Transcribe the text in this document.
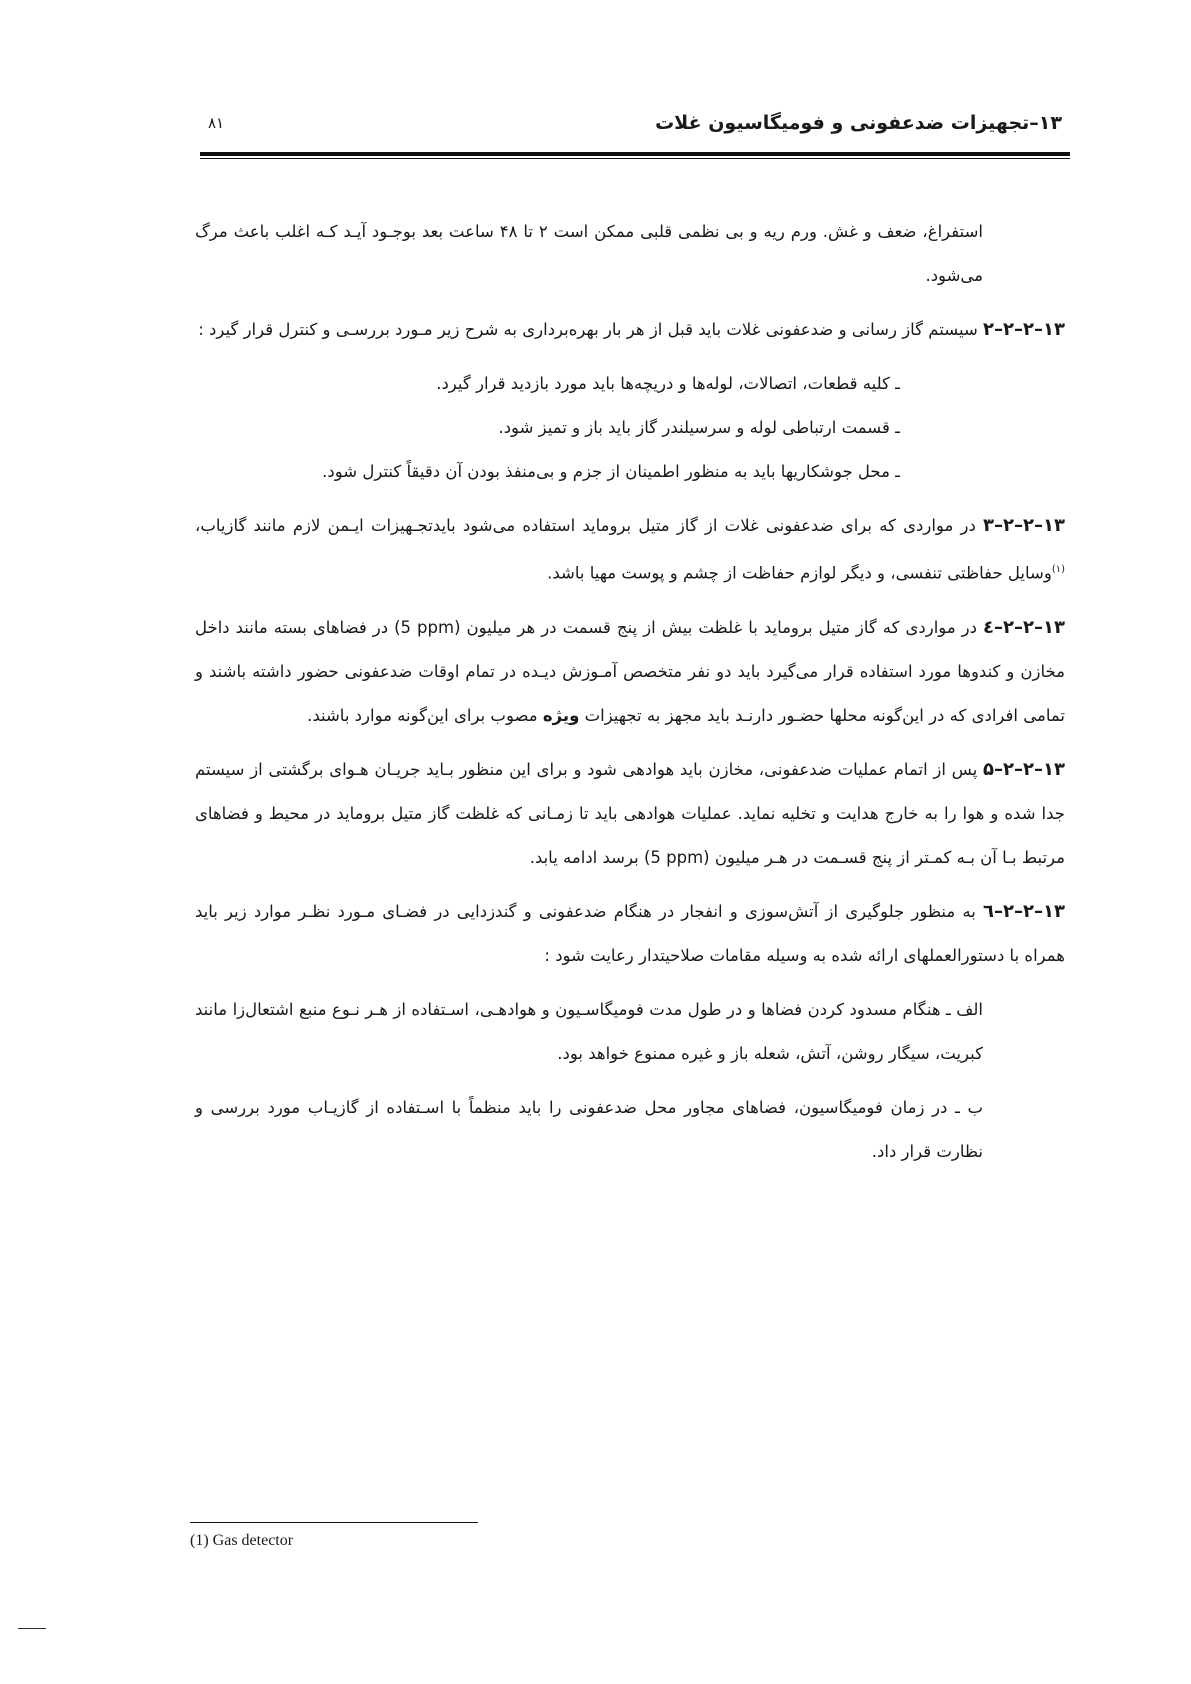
۱۳–تجهیزات ضدعفونی و فومیگاسیون غلات
۸۱

استفراغ، ضعف و غش. ورم ریه و بی نظمی قلبی ممکن است ۲ تا ۴۸ ساعت بعد بوجـود آیـد کـه اغلب باعث مرگ می‌شود.

۱۳–۲–۲–۲ سیستم گاز رسانی و ضدعفونی غلات باید قبل از هر بار بهره‌برداری به شرح زیر مـورد بررسـی و کنترل قرار گیرد :

ـ کلیه قطعات، اتصالات، لوله‌ها و دریچه‌ها باید مورد بازدید قرار گیرد.
ـ قسمت ارتباطی لوله و سرسیلندر گاز باید باز و تمیز شود.
ـ محل جوشکاریها باید به منظور اطمینان از جزم و بی‌منفذ بودن آن دقیقاً کنترل شود.

۱۳–۲–۲–۳ در مواردی که برای ضدعفونی غلات از گاز متیل بروماید استفاده می‌شود بایدتجـهیزات ایـمن لازم مانند گازیاب،$^{(۱)}$وسایل حفاظتی تنفسی، و دیگر لوازم حفاظت از چشم و پوست مهیا باشد.

۱۳–۲–۲–٤ در مواردی که گاز متیل بروماید با غلظت بیش از پنج قسمت در هر میلیون (5 ppm) در فضاهای بسته مانند داخل مخازن و کندوها مورد استفاده قرار می‌گیرد باید دو نفر متخصص آمـوزش دیـده در تمام اوقات ضدعفونی حضور داشته باشند و تمامی افرادی که در این‌گونه محلها حضـور دارنـد باید مجهز به تجهیزات ویژه مصوب برای این‌گونه موارد باشند.

۱۳–۲–۲–۵ پس از اتمام عملیات ضدعفونی، مخازن باید هوادهی شود و برای این منظور بـاید جریـان هـوای برگشتی از سیستم جدا شده و هوا را به خارج هدایت و تخلیه نماید. عملیات هوادهی باید تا زمـانی که غلظت گاز متیل بروماید در محیط و فضاهای مرتبط بـا آن بـه کمـتر از پنج قسـمت در هـر میلیون (5 ppm) برسد ادامه یابد.

۱۳–۲–۲–٦ به منظور جلوگیری از آتش‌سوزی و انفجار در هنگام ضدعفونی و گندزدایی در فضـای مـورد نظـر موارد زیر باید همراه با دستورالعملهای ارائه شده به وسیله مقامات صلاحیتدار رعایت شود :

الف ـ هنگام مسدود کردن فضاها و در طول مدت فومیگاسـیون و هوادهـی، اسـتفاده از هـر نـوع منبع اشتعال‌زا مانند کبریت، سیگار روشن، آتش، شعله باز و غیره ممنوع خواهد بود.

ب ـ در زمان فومیگاسیون، فضاهای مجاور محل ضدعفونی را باید منظماً با اسـتفاده از گازیـاب مورد بررسی و نظارت قرار داد.

(1) Gas detector
